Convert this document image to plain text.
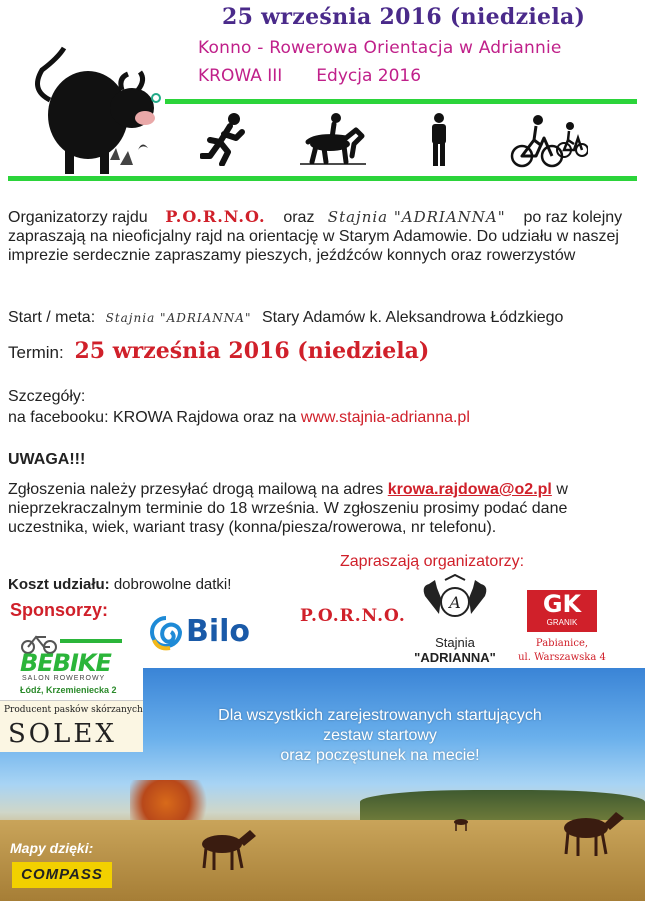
25 września 2016 (niedziela)
Konno - Rowerowa Orientacja w Adriannie
KROWA III Edycja 2016
Organizatorzy rajdu P.O.R.N.O. oraz Stajnia "ADRIANNA" po raz kolejny zapraszają na nieoficjalny rajd na orientację w Starym Adamowie. Do udziału w naszej imprezie serdecznie zapraszamy pieszych, jeźdźców konnych oraz rowerzystów
Start / meta: Stajnia "ADRIANNA" Stary Adamów k. Aleksandrowa Łódzkiego
Termin: 25 września 2016 (niedziela)
Szczegóły:
na facebooku: KROWA Rajdowa oraz na www.stajnia-adrianna.pl
UWAGA!!!
Zgłoszenia należy przesyłać drogą mailową na adres krowa.rajdowa@o2.pl w nieprzekraczalnym terminie do 18 września. W zgłoszeniu prosimy podać dane uczestnika, wiek, wariant trasy (konna/piesza/rowerowa, nr telefonu).
Zapraszają organizatorzy:
Koszt udziału: dobrowolne datki!
Sponsorzy:
Bilo	P.O.R.N.O.
A
Stajnia
"ADRIANNA"
GK
GRANIK
Pabianice,
ul. Warszawska 4
BEBIKE
SALON ROWEROWY
Łódź, Krzemieniecka 2
Producent pasków skórzanych
SOLEX
Dla wszystkich zarejestrowanych startujących
zestaw startowy
oraz poczęstunek na mecie!
Mapy dzięki:
COMPASS
